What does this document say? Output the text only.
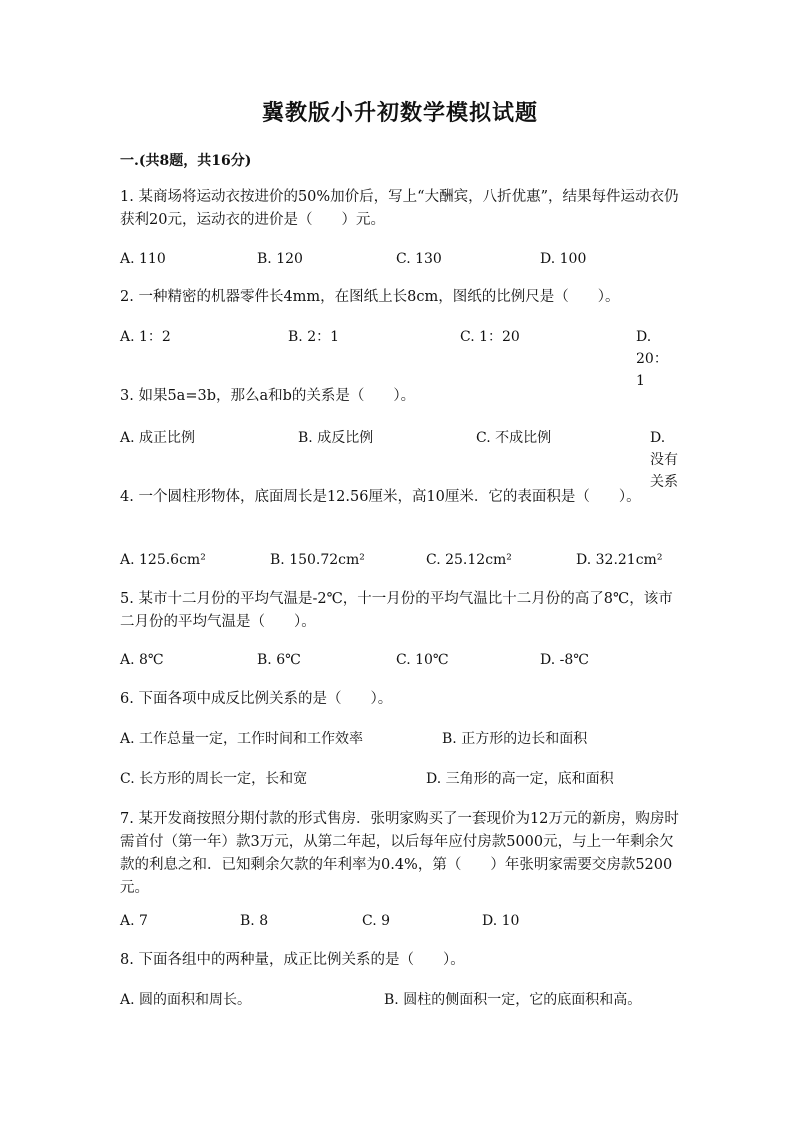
冀教版小升初数学模拟试题
一.(共8题，共16分)
1. 某商场将运动衣按进价的50%加价后，写上“大酬宾，八折优惠”，结果每件运动衣仍获利20元，运动衣的进价是（　　）元。
A. 110	B. 120	C. 130	D. 100
2. 一种精密的机器零件长4mm，在图纸上长8cm，图纸的比例尺是（　　）。
A. 1：2	B. 2：1	C. 1：20	D. 20：1
3. 如果5a=3b，那么a和b的关系是（　　）。
A. 成正比例	B. 成反比例	C. 不成比例	D. 没有关系
4. 一个圆柱形物体，底面周长是12.56厘米，高10厘米．它的表面积是（　　）。
A. 125.6cm²	B. 150.72cm²	C. 25.12cm²	D. 32.21cm²
5. 某市十二月份的平均气温是-2℃，十一月份的平均气温比十二月份的高了8℃，该市二月份的平均气温是（　　）。
A. 8℃	B. 6℃	C. 10℃	D. -8℃
6. 下面各项中成反比例关系的是（　　）。
A. 工作总量一定，工作时间和工作效率	B. 正方形的边长和面积
C. 长方形的周长一定，长和宽	D. 三角形的高一定，底和面积
7. 某开发商按照分期付款的形式售房．张明家购买了一套现价为12万元的新房，购房时需首付（第一年）款3万元，从第二年起，以后每年应付房款5000元，与上一年剩余欠款的利息之和．已知剩余欠款的年利率为0.4%，第（　　）年张明家需要交房款5200元。
A. 7	B. 8	C. 9	D. 10
8. 下面各组中的两种量，成正比例关系的是（　　）。
A. 圆的面积和周长。	B. 圆柱的侧面积一定，它的底面积和高。
